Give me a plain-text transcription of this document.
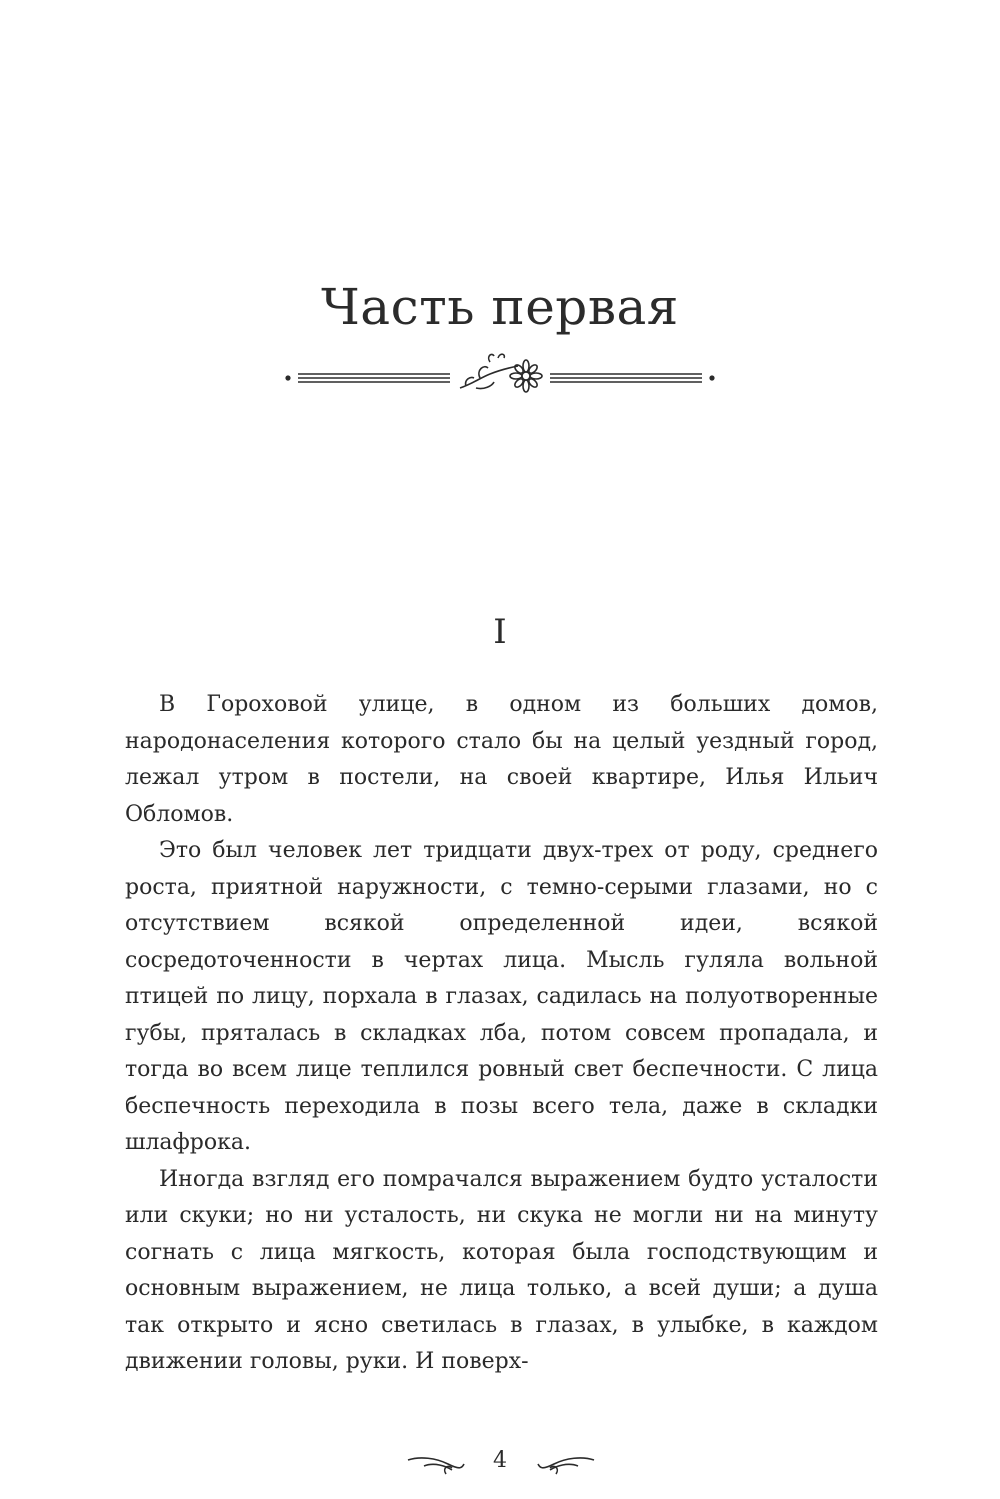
Часть первая
I

В Гороховой улице, в одном из больших домов, народонаселения которого стало бы на целый уездный город, лежал утром в постели, на своей квартире, Илья Ильич Обломов.

Это был человек лет тридцати двух-трех от роду, среднего роста, приятной наружности, с темно-серыми глазами, но с отсутствием всякой определенной идеи, всякой сосредоточенности в чертах лица. Мысль гуляла вольной птицей по лицу, порхала в глазах, садилась на полуотворенные губы, пряталась в складках лба, потом совсем пропадала, и тогда во всем лице теплился ровный свет беспечности. С лица беспечность переходила в позы всего тела, даже в складки шлафрока.

Иногда взгляд его помрачался выражением будто усталости или скуки; но ни усталость, ни скука не могли ни на минуту согнать с лица мягкость, которая была господствующим и основным выражением, не лица только, а всей души; а душа так открыто и ясно светилась в глазах, в улыбке, в каждом движении головы, руки. И поверх-

4
